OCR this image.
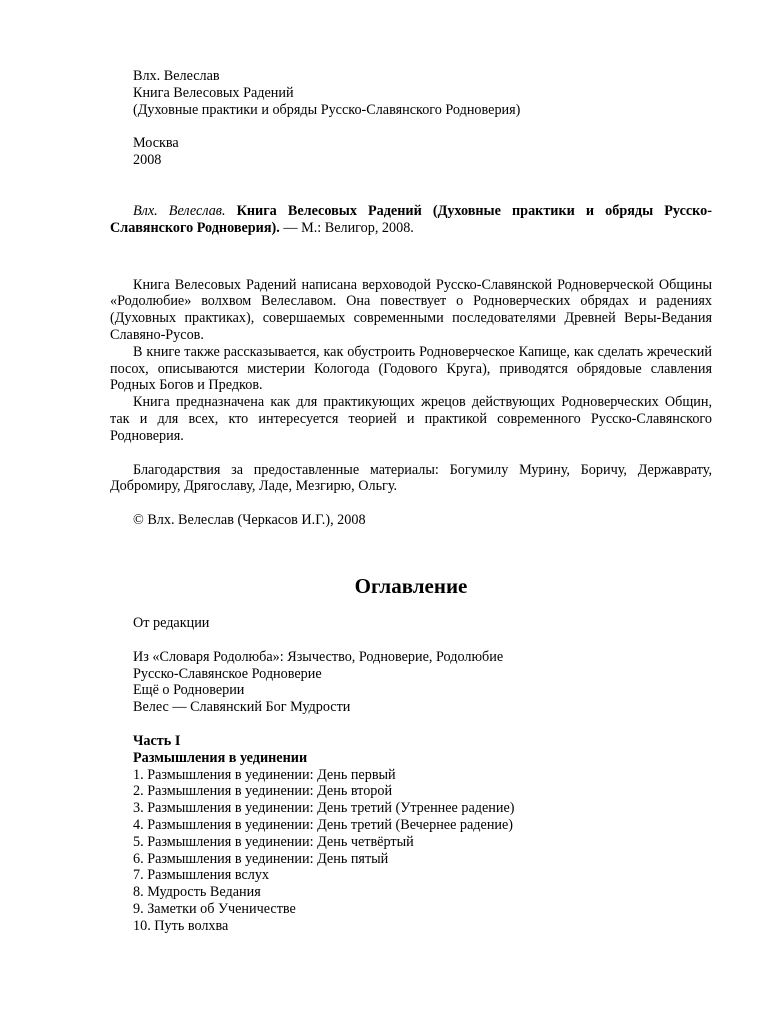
Влх. Велеслав
Книга Велесовых Радений
(Духовные практики и обряды Русско-Славянского Родноверия)
Москва
2008

Влх. Велеслав. Книга Велесовых Радений (Духовные практики и обряды Русско-Славянского Родноверия). — М.: Велигор, 2008.

Книга Велесовых Радений написана верховодой Русско-Славянской Родноверческой Общины «Родолюбие» волхвом Велеславом. Она повествует о Родноверческих обрядах и радениях (Духовных практиках), совершаемых современными последователями Древней Веры-Ведания Славяно-Русов.

В книге также рассказывается, как обустроить Родноверческое Капище, как сделать жреческий посох, описываются мистерии Кологода (Годового Круга), приводятся обрядовые славления Родных Богов и Предков.

Книга предназначена как для практикующих жрецов действующих Родноверческих Общин, так и для всех, кто интересуется теорией и практикой современного Русско-Славянского Родноверия.

Благодарствия за предоставленные материалы: Богумилу Мурину, Боричу, Державрату, Добромиру, Дрягославу, Ладе, Мезгирю, Ольгу.

© Влх. Велеслав (Черкасов И.Г.), 2008

Оглавление
От редакции
Из «Словаря Родолюба»: Язычество, Родноверие, Родолюбие
Русско-Славянское Родноверие
Ещё о Родноверии
Велес — Славянский Бог Мудрости
Часть I
Размышления в уединении
1. Размышления в уединении: День первый
2. Размышления в уединении: День второй
3. Размышления в уединении: День третий (Утреннее радение)
4. Размышления в уединении: День третий (Вечернее радение)
5. Размышления в уединении: День четвёртый
6. Размышления в уединении: День пятый
7. Размышления вслух
8. Мудрость Ведания
9. Заметки об Ученичестве
10. Путь волхва
